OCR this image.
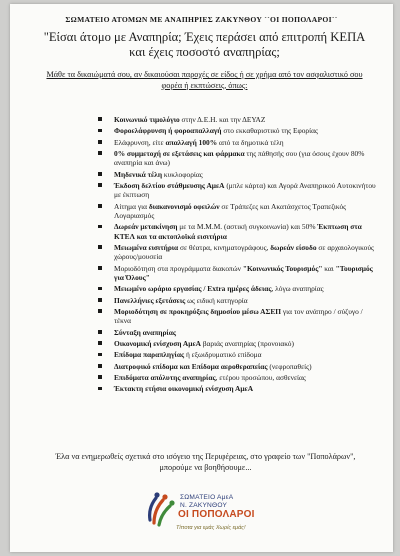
ΣΩΜΑΤΕΙΟ ΑΤΟΜΩΝ ΜΕ ΑΝΑΠΗΡΙΕΣ ΖΑΚΥΝΘΟΥ ``ΟΙ ΠΟΠΟΛΑΡΟΙ``
"Είσαι άτομο με Αναπηρία; Έχεις περάσει από επιτροπή ΚΕΠΑ και έχεις ποσοστό αναπηρίας;
Μάθε τα δικαιώματά σου, αν δικαιούσαι παροχές σε είδος ή σε χρήμα από τον ασφαλιστικό σου φορέα ή εκπτώσεις, όπως:
Κοινωνικό τιμολόγιο στην Δ.Ε.Η. και την ΔΕΥΑΖ
Φοροελάφρυνση ή φοροαπαλλαγή στο εκκαθαριστικό της Εφορίας
Ελάφρυνση, είτε απαλλαγή 100% από τα δημοτικά τέλη
0% συμμετοχή σε εξετάσεις και φάρμακα της πάθησής σου (για όσους έχουν 80% αναπηρία και άνω)
Μηδενικά τέλη κυκλοφορίας
Έκδοση δελτίου στάθμευσης ΑμεΑ (μπλε κάρτα) και Αγορά Αναπηρικού Αυτοκινήτου με έκπτωση
Αίτημα για διακανονισμό οφειλών σε Τράπεζες και Ακατάσχετος Τραπεζικός Λογαριασμός
Δωρεάν μετακίνηση με τα Μ.Μ.Μ. (αστική συγκοινωνία) και 50% Έκπτωση στα ΚΤΕΛ και τα ακτοπλοϊκά εισιτήρια
Μειωμένα εισιτήρια σε θέατρα, κινηματογράφους, δωρεάν είσοδο σε αρχαιολογικούς χώρους/μουσεία
Μοριοδότηση στα προγράμματα διακοπών "Κοινωνικός Τουρισμός" και "Τουρισμός για Όλους"
Μειωμένο ωράριο εργασίας / Extra ημέρες άδειας, λόγω αναπηρίας
Πανελλήνιες εξετάσεις ως ειδική κατηγορία
Μοριοδότηση σε προκηρύξεις δημοσίου μέσω ΑΣΕΠ για τον ανάπηρο / σύζυγο / τέκνα
Σύνταξη αναπηρίας
Οικονομική ενίσχυση ΑμεΑ βαριάς αναπηρίας (προνοιακό)
Επίδομα παραπληγίας ή εξωιδρυματικό επίδομα
Διατροφικό επίδομα και Επίδομα αεροθεραπείας (νεφροπαθείς)
Επιδόματα απόλυτης αναπηρίας, ετέρου προσώπου, ασθενείας
Έκτακτη ετήσια οικονομική ενίσχυση ΑμεΑ
Έλα να ενημερωθείς σχετικά στο ισόγειο της Περιφέρειας, στο γραφείο των "Ποπολάρων", μπορούμε να βοηθήσουμε...
ΣΩΜΑΤΕΙΟ ΑμεΑ
Ν. ΖΑΚΥΝΘΟΥ
ΟΙ ΠΟΠΟΛΑΡΟΙ
Τίποτα για εμάς Χωρίς εμάς!
